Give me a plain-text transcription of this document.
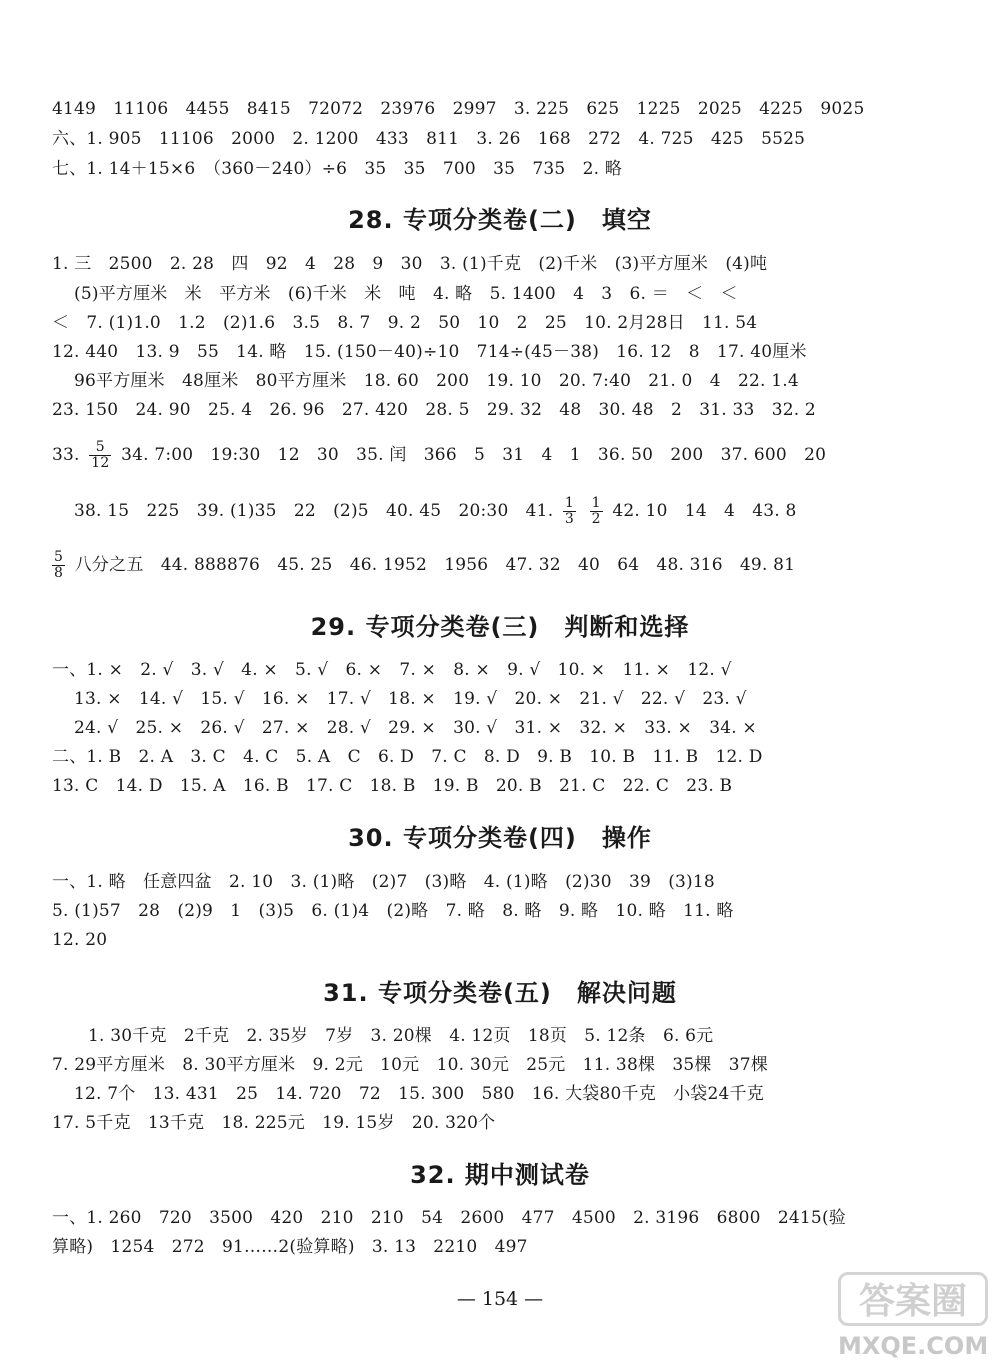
4149　11106　4455　8415　72072　23976　2997　3. 225　625　1225　2025　4225　9025
六、1. 905　11106　2000　2. 1200　433　811　3. 26　168　272　4. 725　425　5525
七、1. 14＋15×6　（360－240）÷6　35　35　700　35　735　2. 略
28. 专项分类卷(二)　填空
1. 三　2500　2. 28　四　92　4　28　9　30　3. (1)千克　(2)千米　(3)平方厘米　(4)吨
(5)平方厘米　米　平方米　(6)千米　米　吨　4. 略　5. 1400　4　3　6. ＝　＜　＜
＜　7. (1)1.0　1.2　(2)1.6　3.5　8. 7　9. 2　50　10　2　25　10. 2月28日　11. 54
12. 440　13. 9　55　14. 略　15. (150－40)÷10　714÷(45－38)　16. 12　8　17. 40厘米
96平方厘米　48厘米　80平方厘米　18. 60　200　19. 10　20. 7:40　21. 0　4　22. 1.4
23. 150　24. 90　25. 4　26. 96　27. 420　28. 5　29. 32　48　30. 48　2　31. 33　32. 2
33. $\frac{5}{12} 34$. 7:00　19:30　12　30　35. 闰　366　5　31　4　1　36. 50　200　37. 600　20
38. 15　225　39. (1)35　22　(2)5　40. 45　20:30　41. $\frac{1}{3}$
$\frac{1}{2} 42$. 10　14　4　43. 8
$\frac{5}{8}$ 八分之五　44. 888876　45. 25　46. 1952　1956　47. 32　40　64　48. 316　49. 81
29. 专项分类卷(三)　判断和选择
一、1. ×　2. √　3. √　4. ×　5. √　6. ×　7. ×　8. ×　9. √　10. ×　11. ×　12. √
13. ×　14. √　15. √　16. ×　17. √　18. ×　19. √　20. ×　21. √　22. √　23. √
24. √　25. ×　26. √　27. ×　28. √　29. ×　30. √　31. ×　32. ×　33. ×　34. ×
二、1. B　2. A　3. C　4. C　5. A　C　6. D　7. C　8. D　9. B　10. B　11. B　12. D
13. C　14. D　15. A　16. B　17. C　18. B　19. B　20. B　21. C　22. C　23. B
30. 专项分类卷(四)　操作
一、1. 略　任意四盆　2. 10　3. (1)略　(2)7　(3)略　4. (1)略　(2)30　39　(3)18
5. (1)57　28　(2)9　1　(3)5　6. (1)4　(2)略　7. 略　8. 略　9. 略　10. 略　11. 略
12. 20
31. 专项分类卷(五)　解决问题
1. 30千克　2千克　2. 35岁　7岁　3. 20棵　4. 12页　18页　5. 12条　6. 6元
7. 29平方厘米　8. 30平方厘米　9. 2元　10元　10. 30元　25元　11. 38棵　35棵　37棵
12. 7个　13. 431　25　14. 720　72　15. 300　580　16. 大袋80千克　小袋24千克
17. 5千克　13千克　18. 225元　19. 15岁　20. 320个
32. 期中测试卷
一、1. 260　720　3500　420　210　210　54　2600　477　4500　2. 3196　6800　2415(验
算略)　1254　272　91……2(验算略)　3. 13　2210　497
— 154 —	答案圈
MXQE.COM
